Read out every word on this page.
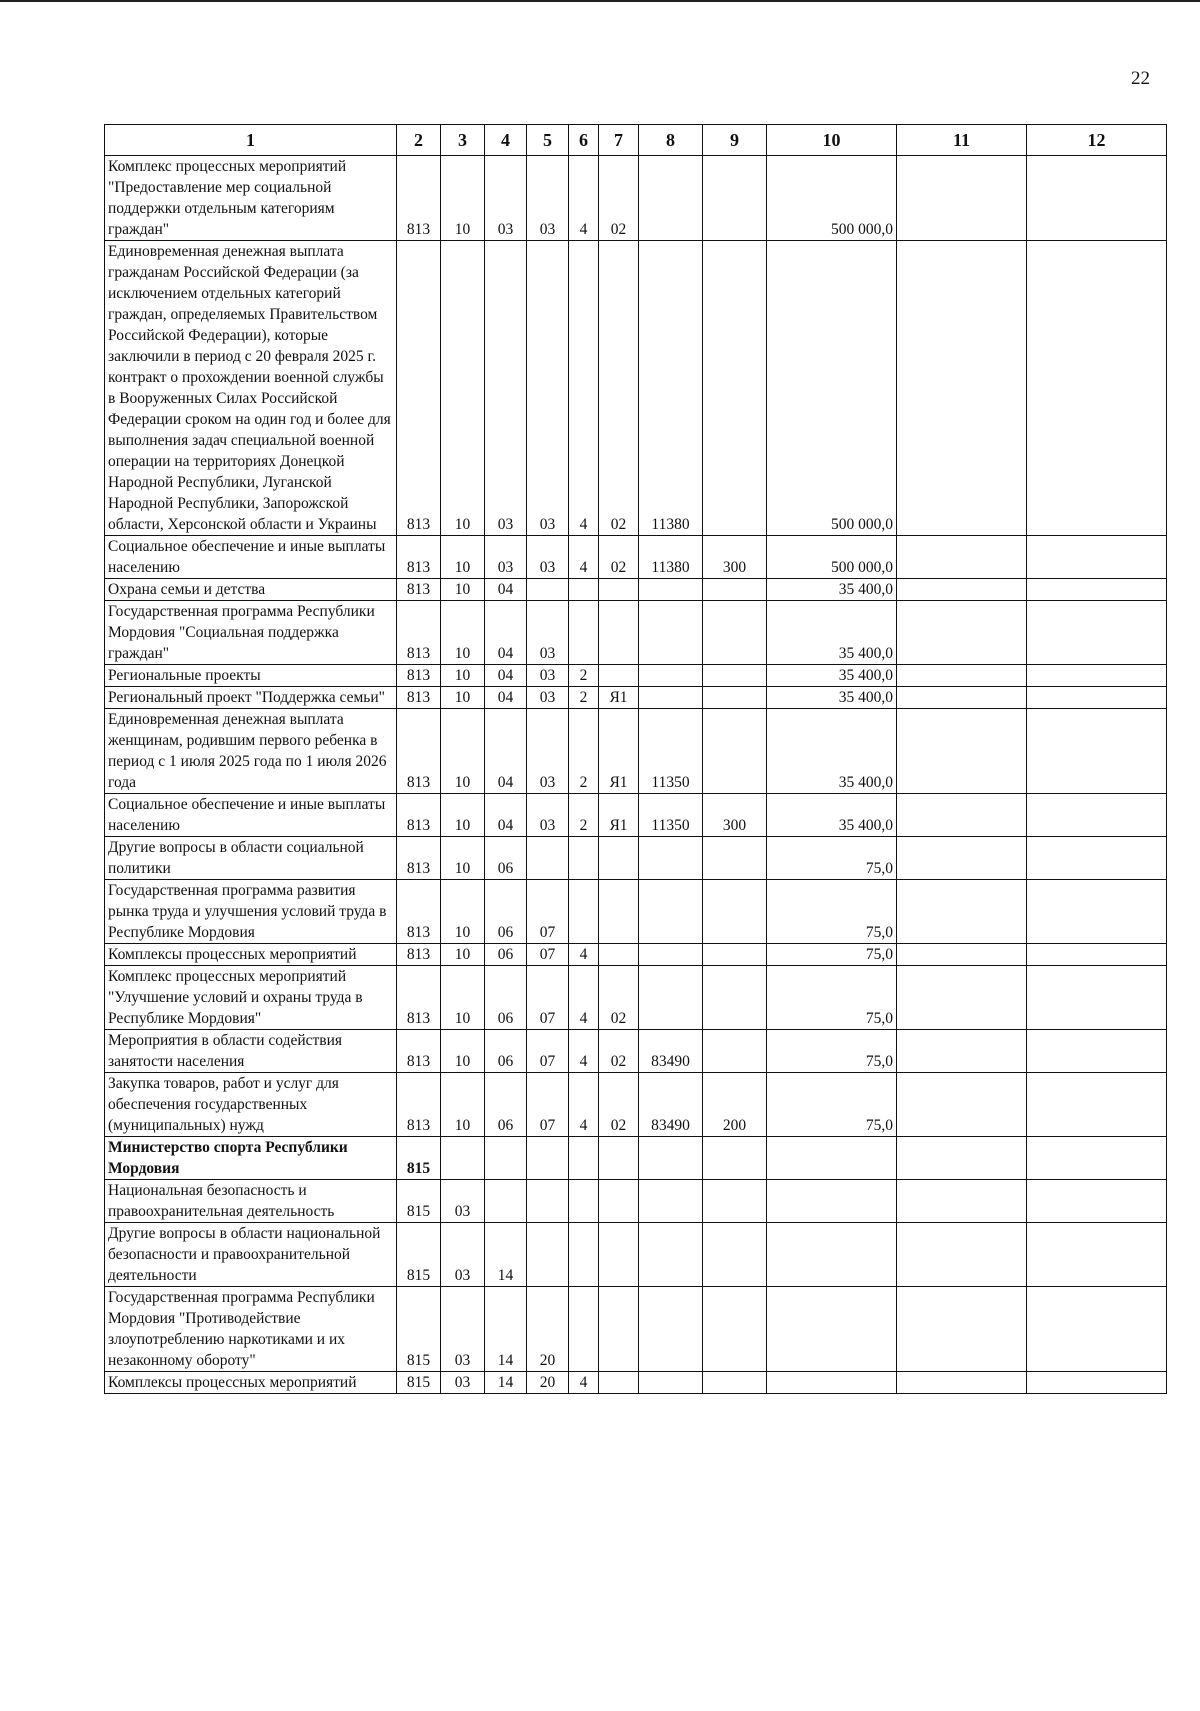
22
1	2	3	4	5	6	7	8	9	10	11	12
Комплекс процессных мероприятий "Предоставление мер социальной поддержки отдельным категориям граждан"	813	10	03	03	4	02			500 000,0		
Единовременная денежная выплата гражданам Российской Федерации (за исключением отдельных категорий граждан, определяемых Правительством Российской Федерации), которые заключили в период с 20 февраля 2025 г. контракт о прохождении военной службы в Вооруженных Силах Российской Федерации сроком на один год и более для выполнения задач специальной военной операции на территориях Донецкой Народной Республики, Луганской Народной Республики, Запорожской области, Херсонской области и Украины	813	10	03	03	4	02	11380		500 000,0		
Социальное обеспечение и иные выплаты населению	813	10	03	03	4	02	11380	300	500 000,0		
Охрана семьи и детства	813	10	04						35 400,0		
Государственная программа Республики Мордовия "Социальная поддержка граждан"	813	10	04	03					35 400,0		
Региональные проекты	813	10	04	03	2				35 400,0		
Региональный проект "Поддержка семьи"	813	10	04	03	2	Я1			35 400,0		
Единовременная денежная выплата женщинам, родившим первого ребенка в период с 1 июля 2025 года по 1 июля 2026 года	813	10	04	03	2	Я1	11350		35 400,0		
Социальное обеспечение и иные выплаты населению	813	10	04	03	2	Я1	11350	300	35 400,0		
Другие вопросы в области социальной политики	813	10	06						75,0		
Государственная программа развития рынка труда и улучшения условий труда в Республике Мордовия	813	10	06	07					75,0		
Комплексы процессных мероприятий	813	10	06	07	4				75,0		
Комплекс процессных мероприятий "Улучшение условий и охраны труда в Республике Мордовия"	813	10	06	07	4	02			75,0		
Мероприятия в области содействия занятости населения	813	10	06	07	4	02	83490		75,0		
Закупка товаров, работ и услуг для обеспечения государственных (муниципальных) нужд	813	10	06	07	4	02	83490	200	75,0		
Министерство спорта Республики Мордовия	815										
Национальная безопасность и правоохранительная деятельность	815	03									
Другие вопросы в области национальной безопасности и правоохранительной деятельности	815	03	14								
Государственная программа Республики Мордовия "Противодействие злоупотреблению наркотиками и их незаконному обороту"	815	03	14	20							
Комплексы процессных мероприятий	815	03	14	20	4						
